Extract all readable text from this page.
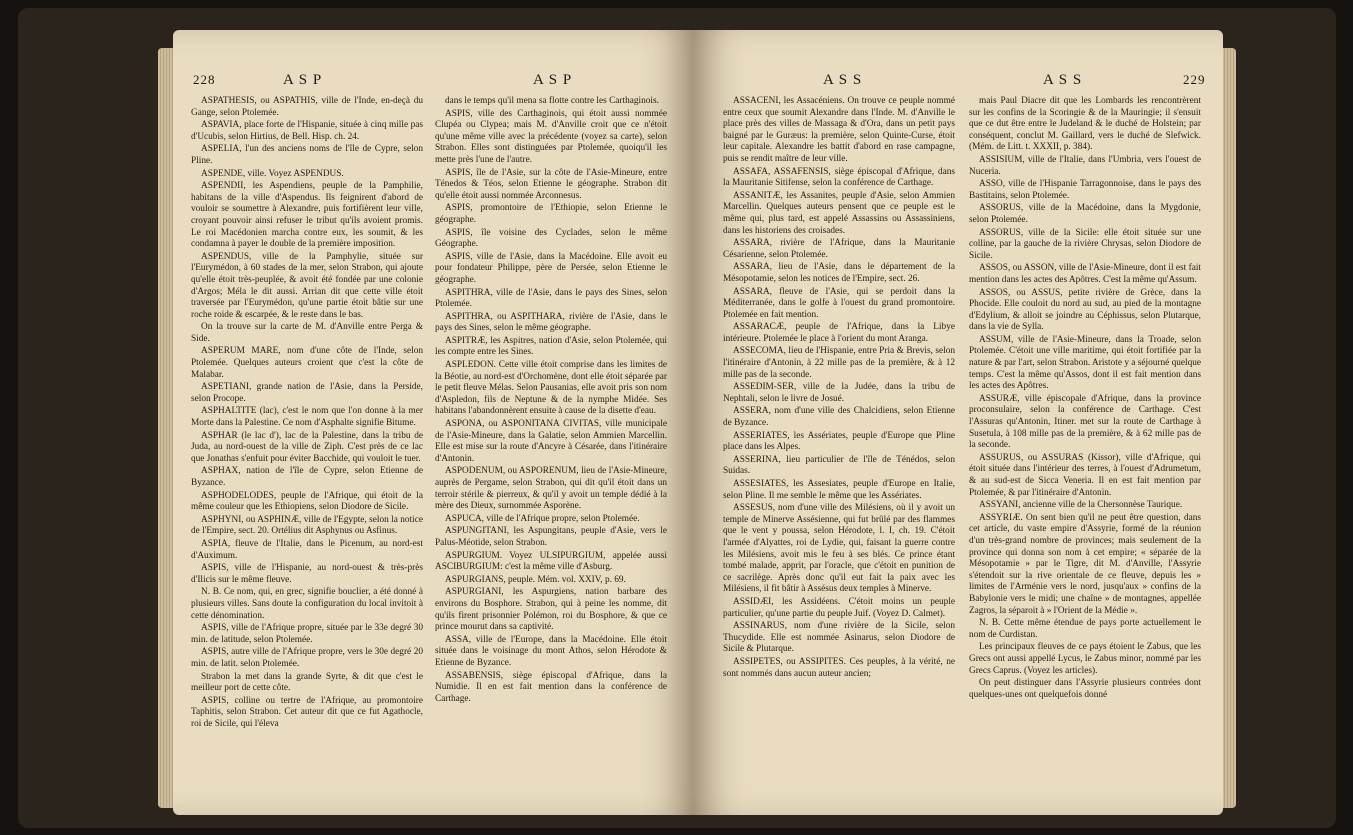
228	A S P	A S P

ASPATHESIS, ou ASPATHIS, ville de l'Inde, en-deçà du Gange, selon Ptolemée.

ASPAVIA, place forte de l'Hispanie, située à cinq mille pas d'Ucubis, selon Hirtius, de Bell. Hisp. ch. 24.

ASPELIA, l'un des anciens noms de l'île de Cypre, selon Pline.

ASPENDE, ville. Voyez ASPENDUS.

ASPENDII, les Aspendiens, peuple de la Pamphilie, habitans de la ville d'Aspendus. Ils feignirent d'abord de vouloir se soumettre à Alexandre, puis fortifièrent leur ville, croyant pouvoir ainsi refuser le tribut qu'ils avoient promis. Le roi Macédonien marcha contre eux, les soumit, & les condamna à payer le double de la première imposition.

ASPENDUS, ville de la Pamphylie, située sur l'Eurymédon, à 60 stades de la mer, selon Strabon, qui ajoute qu'elle étoit très-peuplée, & avoit été fondée par une colonie d'Argos; Méla le dit aussi. Arrian dit que cette ville étoit traversée par l'Eurymédon, qu'une partie étoit bâtie sur une roche roide & escarpée, & le reste dans le bas.

On la trouve sur la carte de M. d'Anville entre Perga & Side.

ASPERUM MARE, nom d'une côte de l'Inde, selon Ptolemée. Quelques auteurs croient que c'est la côte de Malabar.

ASPETIANI, grande nation de l'Asie, dans la Perside, selon Procope.

ASPHALTITE (lac), c'est le nom que l'on donne à la mer Morte dans la Palestine. Ce nom d'Asphalte signifie Bitume.

ASPHAR (le lac d'), lac de la Palestine, dans la tribu de Juda, au nord-ouest de la ville de Ziph. C'est près de ce lac que Jonathas s'enfuit pour éviter Bacchide, qui vouloit le tuer.

ASPHAX, nation de l'île de Cypre, selon Etienne de Byzance.

ASPHODELODES, peuple de l'Afrique, qui étoit de la même couleur que les Ethiopiens, selon Diodore de Sicile.

ASPHYNI, ou ASPHINÆ, ville de l'Egypte, selon la notice de l'Empire, sect. 20. Ortélius dit Asphynus ou Asfinus.

ASPIA, fleuve de l'Italie, dans le Picenum, au nord-est d'Auximum.

ASPIS, ville de l'Hispanie, au nord-ouest & très-près d'Ilicis sur le même fleuve.

N. B. Ce nom, qui, en grec, signifie bouclier, a été donné à plusieurs villes. Sans doute la configuration du local invitoit à cette dénomination.

ASPIS, ville de l'Afrique propre, située par le 33e degré 30 min. de latitude, selon Ptolemée.

ASPIS, autre ville de l'Afrique propre, vers le 30e degré 20 min. de latit. selon Ptolemée.

Strabon la met dans la grande Syrte, & dit que c'est le meilleur port de cette côte.

ASPIS, colline ou tertre de l'Afrique, au promontoire Taphitis, selon Strabon. Cet auteur dit que ce fut Agathocle, roi de Sicile, qui l'éleva

dans le temps qu'il mena sa flotte contre les Carthaginois.

ASPIS, ville des Carthaginois, qui étoit aussi nommée Clupéa ou Clypea; mais M. d'Anville croit que ce n'étoit qu'une même ville avec la précédente (voyez sa carte), selon Strabon. Elles sont distinguées par Ptolemée, quoiqu'il les mette près l'une de l'autre.

ASPIS, île de l'Asie, sur la côte de l'Asie-Mineure, entre Ténedos & Téos, selon Etienne le géographe. Strabon dit qu'elle étoit aussi nommée Arconnesus.

ASPIS, promontoire de l'Ethiopie, selon Etienne le géographe.

ASPIS, île voisine des Cyclades, selon le même Géographe.

ASPIS, ville de l'Asie, dans la Macédoine. Elle avoit eu pour fondateur Philippe, père de Persée, selon Etienne le géographe.

ASPITHRA, ville de l'Asie, dans le pays des Sines, selon Ptolemée.

ASPITHRA, ou ASPITHARA, rivière de l'Asie, dans le pays des Sines, selon le même géographe.

ASPITRÆ, les Aspitres, nation d'Asie, selon Ptolemée, qui les compte entre les Sines.

ASPLEDON. Cette ville étoit comprise dans les limites de la Béotie, au nord-est d'Orchomène, dont elle étoit séparée par le petit fleuve Mélas. Selon Pausanias, elle avoit pris son nom d'Aspledon, fils de Neptune & de la nymphe Midée. Ses habitans l'abandonnèrent ensuite à cause de la disette d'eau.

ASPONA, ou ASPONITANA CIVITAS, ville municipale de l'Asie-Mineure, dans la Galatie, selon Ammien Marcellin. Elle est mise sur la route d'Ancyre à Césarée, dans l'itinéraire d'Antonin.

ASPODENUM, ou ASPORENUM, lieu de l'Asie-Mineure, auprès de Pergame, selon Strabon, qui dit qu'il étoit dans un terroir stérile & pierreux, & qu'il y avoit un temple dédié à la mère des Dieux, surnommée Asporène.

ASPUCA, ville de l'Afrique propre, selon Ptolemée.

ASPUNGITANI, les Aspungitans, peuple d'Asie, vers le Palus-Méotide, selon Strabon.

ASPURGIUM. Voyez ULSIPURGIUM, appelée aussi ASCIBURGIUM: c'est la même ville d'Asburg.

ASPURGIANS, peuple. Mém. vol. XXIV, p. 69.

ASPURGIANI, les Aspurgiens, nation barbare des environs du Bosphore. Strabon, qui à peine les nomme, dit qu'ils firent prisonnier Polémon, roi du Bosphore, & que ce prince mourut dans sa captivité.

ASSA, ville de l'Europe, dans la Macédoine. Elle étoit située dans le voisinage du mont Athos, selon Hérodote & Etienne de Byzance.

ASSABENSIS, siège épiscopal d'Afrique, dans la Numidie. Il en est fait mention dans la conférence de Carthage.

A S S	A S S	229

ASSACENI, les Assacéniens. On trouve ce peuple nommé entre ceux que soumit Alexandre dans l'Inde. M. d'Anville le place près des villes de Massaga & d'Ora, dans un petit pays baigné par le Guræus: la première, selon Quinte-Curse, étoit leur capitale. Alexandre les battit d'abord en rase campagne, puis se rendit maître de leur ville.

ASSAFA, ASSAFENSIS, siège épiscopal d'Afrique, dans la Mauritanie Sitifense, selon la conférence de Carthage.

ASSANITÆ, les Assanites, peuple d'Asie, selon Ammien Marcellin. Quelques auteurs pensent que ce peuple est le même qui, plus tard, est appelé Assassins ou Assassiniens, dans les historiens des croisades.

ASSARA, rivière de l'Afrique, dans la Mauritanie Césarienne, selon Ptolemée.

ASSARA, lieu de l'Asie, dans le département de la Mésopotamie, selon les notices de l'Empire, sect. 26.

ASSARA, fleuve de l'Asie, qui se perdoit dans la Méditerranée, dans le golfe à l'ouest du grand promontoire. Ptolemée en fait mention.

ASSARACÆ, peuple de l'Afrique, dans la Libye intérieure. Ptolemée le place à l'orient du mont Aranga.

ASSECOMA, lieu de l'Hispanie, entre Pria & Brevis, selon l'itinéraire d'Antonin, à 22 mille pas de la première, & à 12 mille pas de la seconde.

ASSEDIM-SER, ville de la Judée, dans la tribu de Nephtali, selon le livre de Josué.

ASSERA, nom d'une ville des Chalcidiens, selon Etienne de Byzance.

ASSERIATES, les Assériates, peuple d'Europe que Pline place dans les Alpes.

ASSERINA, lieu particulier de l'île de Ténédos, selon Suidas.

ASSESIATES, les Assesiates, peuple d'Europe en Italie, selon Pline. Il me semble le même que les Assériates.

ASSESUS, nom d'une ville des Milésiens, où il y avoit un temple de Minerve Assésienne, qui fut brûlé par des flammes que le vent y poussa, selon Hérodote, l. I, ch. 19. C'étoit l'armée d'Alyattes, roi de Lydie, qui, faisant la guerre contre les Milésiens, avoit mis le feu à ses blés. Ce prince étant tombé malade, apprit, par l'oracle, que c'étoit en punition de ce sacrilège. Après donc qu'il eut fait la paix avec les Milésiens, il fit bâtir à Assésus deux temples à Minerve.

ASSIDÆI, les Assidéens. C'étoit moins un peuple particulier, qu'une partie du peuple Juif. (Voyez D. Calmet).

ASSINARUS, nom d'une rivière de la Sicile, selon Thucydide. Elle est nommée Asinarus, selon Diodore de Sicile & Plutarque.

ASSIPETES, ou ASSIPITES. Ces peuples, à la vérité, ne sont nommés dans aucun auteur ancien;

mais Paul Diacre dit que les Lombards les rencontrèrent sur les confins de la Scoringie & de la Mauringie; il s'ensuit que ce dut être entre le Judeland & le duché de Holstein; par conséquent, conclut M. Gaillard, vers le duché de Slefwick. (Mém. de Litt. t. XXXII, p. 384).

ASSISIUM, ville de l'Italie, dans l'Umbria, vers l'ouest de Nuceria.

ASSO, ville de l'Hispanie Tarragonnoise, dans le pays des Bastitains, selon Ptolemée.

ASSORUS, ville de la Macédoine, dans la Mygdonie, selon Ptolemée.

ASSORUS, ville de la Sicile: elle étoit située sur une colline, par la gauche de la rivière Chrysas, selon Diodore de Sicile.

ASSOS, ou ASSON, ville de l'Asie-Mineure, dont il est fait mention dans les actes des Apôtres. C'est la même qu'Assum.

ASSOS, ou ASSUS, petite rivière de Grèce, dans la Phocide. Elle couloit du nord au sud, au pied de la montagne d'Edylium, & alloit se joindre au Céphissus, selon Plutarque, dans la vie de Sylla.

ASSUM, ville de l'Asie-Mineure, dans la Troade, selon Ptolemée. C'étoit une ville maritime, qui étoit fortifiée par la nature & par l'art, selon Strabon. Aristote y a séjourné quelque temps. C'est la même qu'Assos, dont il est fait mention dans les actes des Apôtres.

ASSURÆ, ville épiscopale d'Afrique, dans la province proconsulaire, selon la conférence de Carthage. C'est l'Assuras qu'Antonin, Itiner. met sur la route de Carthage à Susetula, à 108 mille pas de la première, & à 62 mille pas de la seconde.

ASSURUS, ou ASSURAS (Kissor), ville d'Afrique, qui étoit située dans l'intérieur des terres, à l'ouest d'Adrumetum, & au sud-est de Sicca Veneria. Il en est fait mention par Ptolemée, & par l'itinéraire d'Antonin.

ASSYANI, ancienne ville de la Chersonnèse Taurique.

ASSYRIÆ. On sent bien qu'il ne peut être question, dans cet article, du vaste empire d'Assyrie, formé de la réunion d'un très-grand nombre de provinces; mais seulement de la province qui donna son nom à cet empire; « séparée de la Mésopotamie » par le Tigre, dit M. d'Anville, l'Assyrie s'étendoit sur la rive orientale de ce fleuve, depuis les » limites de l'Arménie vers le nord, jusqu'aux » confins de la Babylonie vers le midi; une chaîne » de montagnes, appellée Zagros, la séparoit à » l'Orient de la Médie ».

N. B. Cette même étendue de pays porte actuellement le nom de Curdistan.

Les principaux fleuves de ce pays étoient le Zabus, que les Grecs ont aussi appellé Lycus, le Zabus minor, nommé par les Grecs Caprus. (Voyez les articles).

On peut distinguer dans l'Assyrie plusieurs contrées dont quelques-unes ont quelquefois donné
